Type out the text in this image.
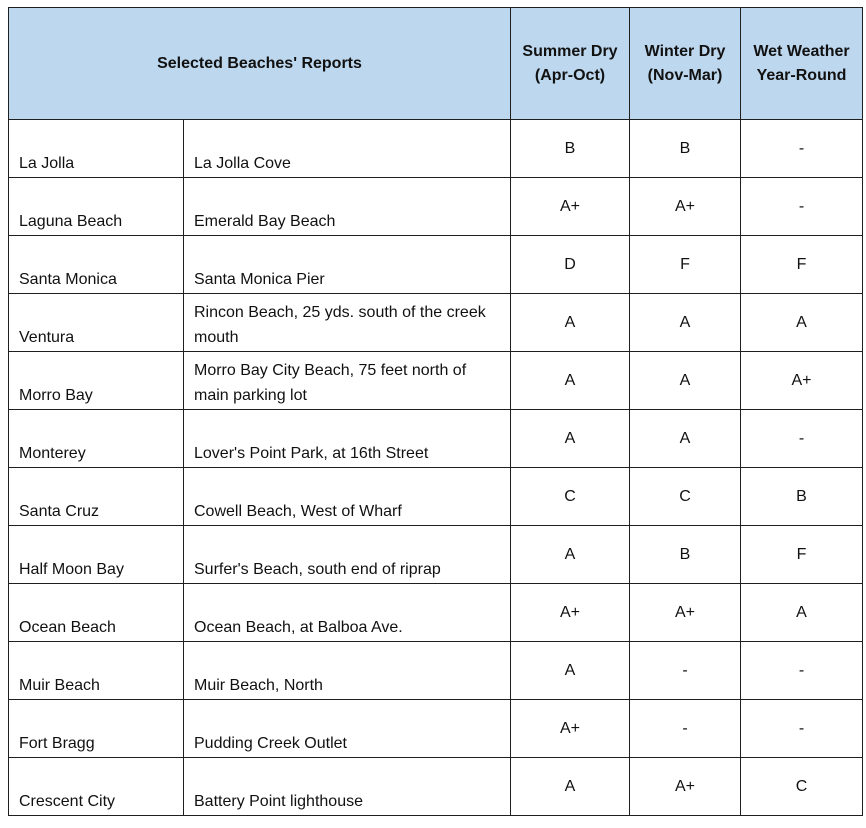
Selected Beaches' Reports		Summer Dry (Apr-Oct)	Winter Dry (Nov-Mar)	Wet Weather Year-Round
La Jolla	La Jolla Cove	B	B	-
Laguna Beach	Emerald Bay Beach	A+	A+	-
Santa Monica	Santa Monica Pier	D	F	F
Ventura	Rincon Beach, 25 yds. south of the creek mouth	A	A	A
Morro Bay	Morro Bay City Beach, 75 feet north of main parking lot	A	A	A+
Monterey	Lover's Point Park, at 16th Street	A	A	-
Santa Cruz	Cowell Beach, West of Wharf	C	C	B
Half Moon Bay	Surfer's Beach, south end of riprap	A	B	F
Ocean Beach	Ocean Beach, at Balboa Ave.	A+	A+	A
Muir Beach	Muir Beach, North	A	-	-
Fort Bragg	Pudding Creek Outlet	A+	-	-
Crescent City	Battery Point lighthouse	A	A+	C
